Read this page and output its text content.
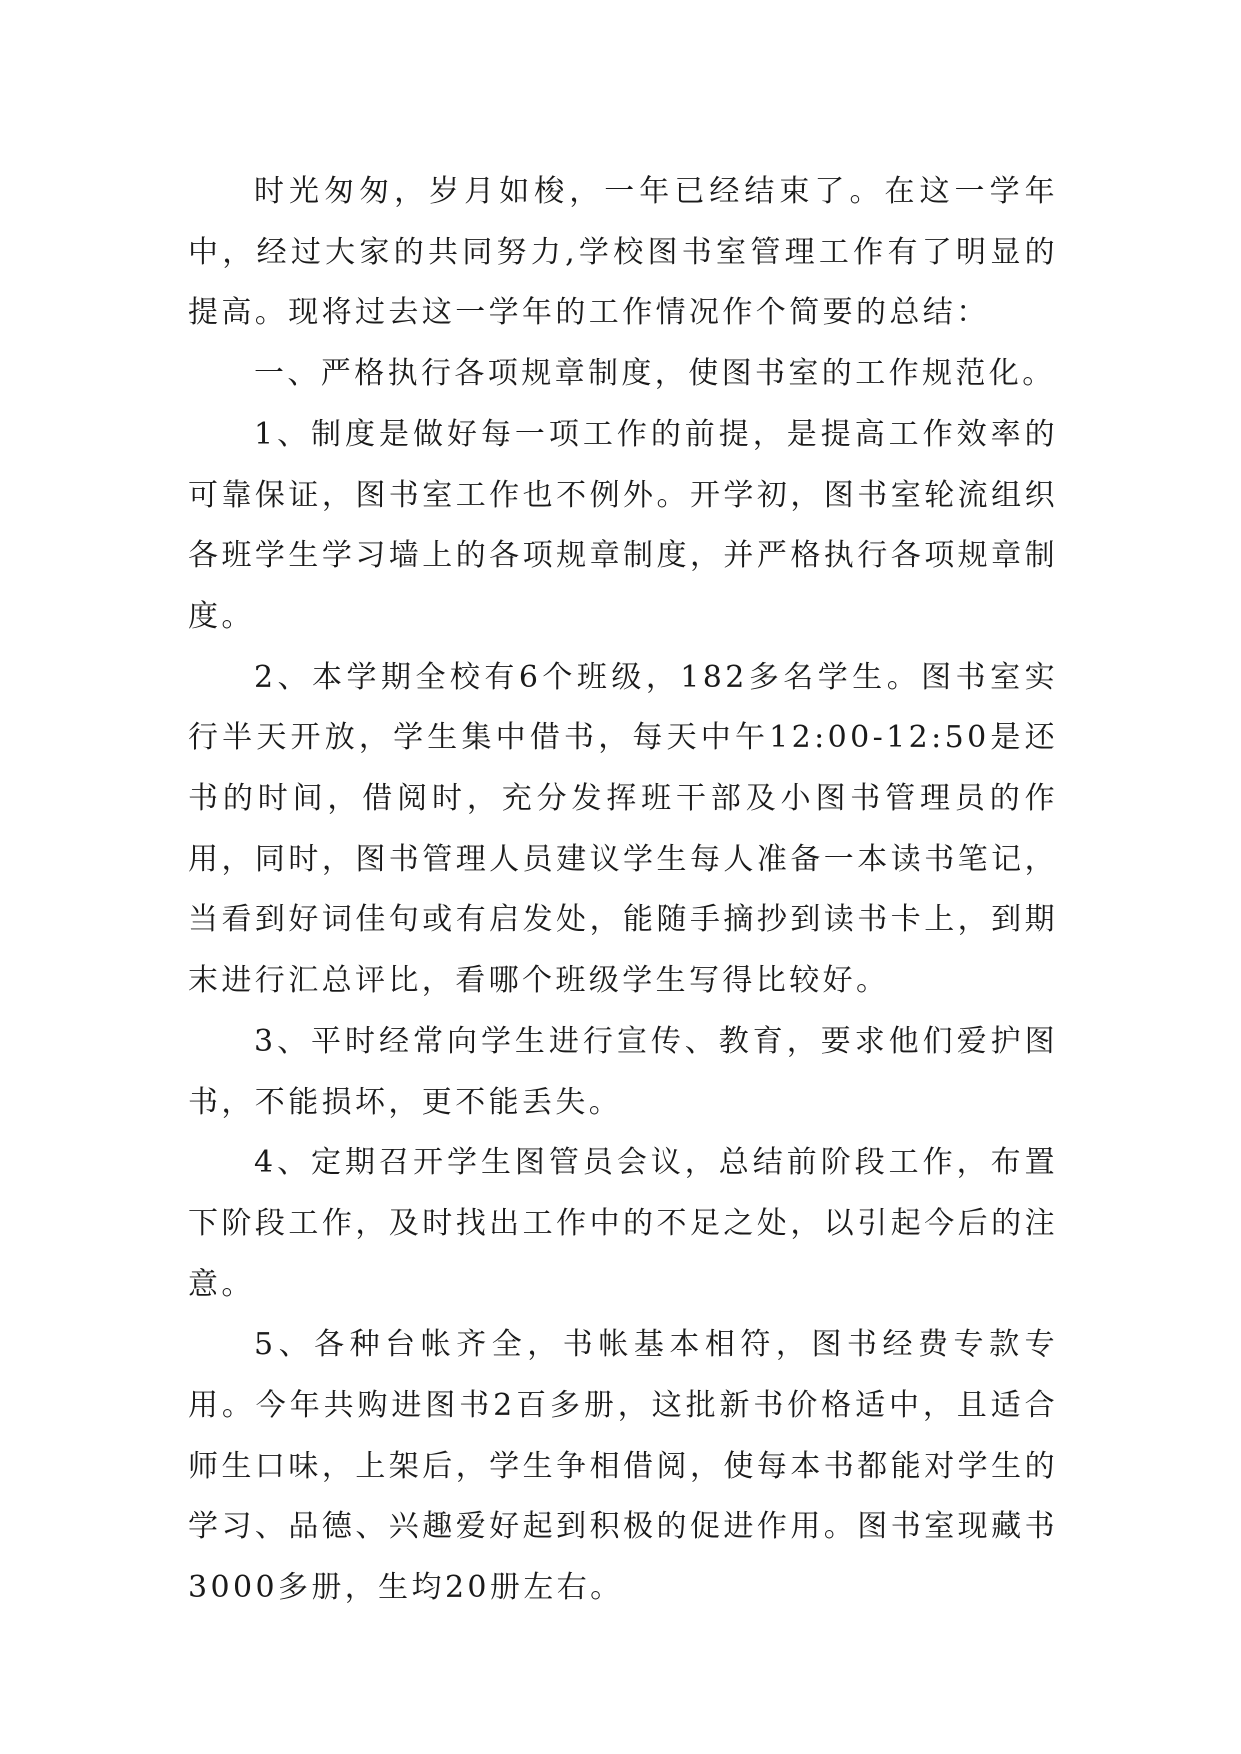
时光匆匆，岁月如梭，一年已经结束了。在这一学年中，经过大家的共同努力,学校图书室管理工作有了明显的提高。现将过去这一学年的工作情况作个简要的总结：

一、严格执行各项规章制度，使图书室的工作规范化。

1、制度是做好每一项工作的前提，是提高工作效率的可靠保证，图书室工作也不例外。开学初，图书室轮流组织各班学生学习墙上的各项规章制度，并严格执行各项规章制度。

2、本学期全校有6个班级，182多名学生。图书室实行半天开放，学生集中借书，每天中午12:00-12:50是还书的时间，借阅时，充分发挥班干部及小图书管理员的作用，同时，图书管理人员建议学生每人准备一本读书笔记，当看到好词佳句或有启发处，能随手摘抄到读书卡上，到期末进行汇总评比，看哪个班级学生写得比较好。

3、平时经常向学生进行宣传、教育，要求他们爱护图书，不能损坏，更不能丢失。

4、定期召开学生图管员会议，总结前阶段工作，布置下阶段工作，及时找出工作中的不足之处，以引起今后的注意。

5、各种台帐齐全，书帐基本相符，图书经费专款专用。今年共购进图书2百多册，这批新书价格适中，且适合师生口味，上架后，学生争相借阅，使每本书都能对学生的学习、品德、兴趣爱好起到积极的促进作用。图书室现藏书3000多册，生均20册左右。
